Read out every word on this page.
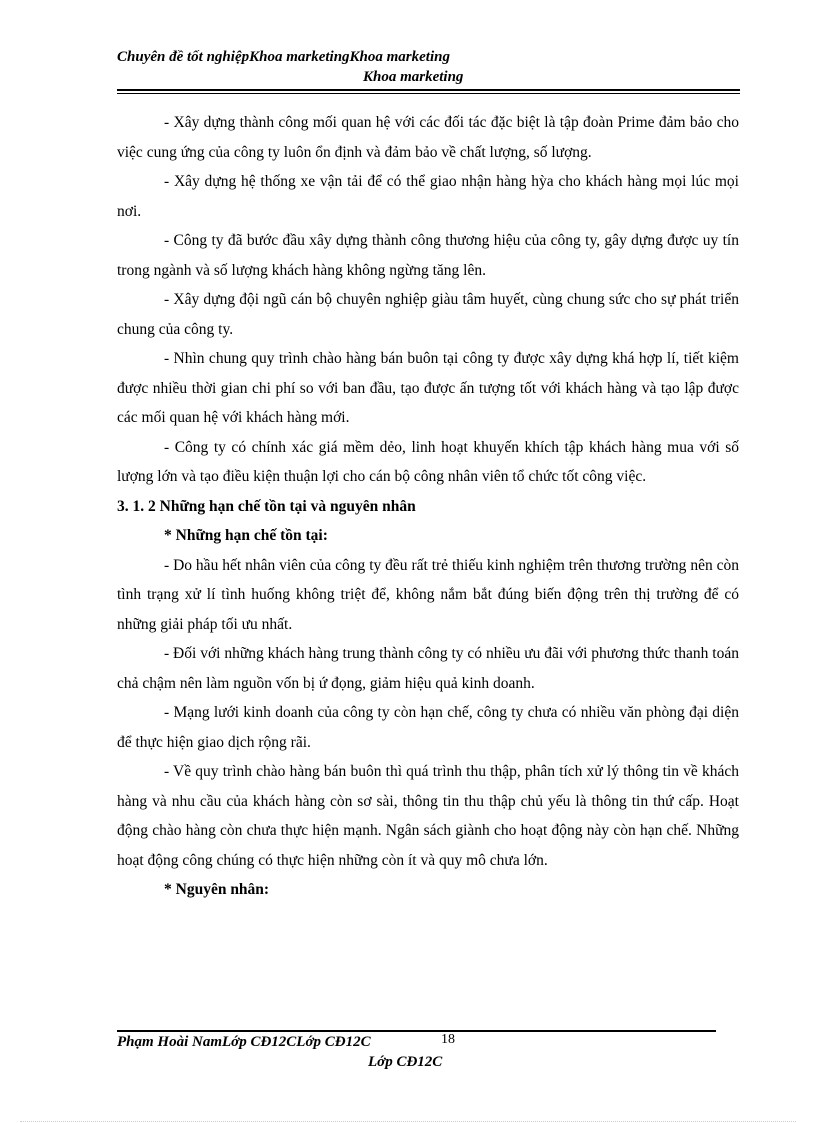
Chuyên đề tốt nghiệpKhoa marketingKhoa marketing
Khoa marketing

- Xây dựng thành công mối quan hệ với các đối tác đặc biệt là tập đoàn Prime đảm bảo cho việc cung ứng của công ty luôn ổn định và đảm bảo về chất lượng, số lượng.

- Xây dựng hệ thống xe vận tải để có thể giao nhận hàng hỳa cho khách hàng mọi lúc mọi nơi.

- Công ty đã bước đầu xây dựng thành công thương hiệu của công ty, gây dựng được uy tín trong ngành và số lượng khách hàng không ngừng tăng lên.

- Xây dựng đội ngũ cán bộ chuyên nghiệp giàu tâm huyết, cùng chung sức cho sự phát triển chung của công ty.

- Nhìn chung quy trình chào hàng bán buôn tại công ty được xây dựng khá hợp lí, tiết kiệm được nhiều thời gian chi phí so với ban đầu, tạo được ấn tượng tốt với khách hàng và tạo lập được các mối quan hệ với khách hàng mới.

- Công ty có chính xác giá mềm dẻo, linh hoạt khuyến khích tập khách hàng mua với số lượng lớn và tạo điều kiện thuận lợi cho cán bộ công nhân viên tổ chức tốt công việc.

3. 1. 2 Những hạn chế tồn tại và nguyên nhân

* Những hạn chế tồn tại:

- Do hầu hết nhân viên của công ty đều rất trẻ thiếu kinh nghiệm trên thương trường nên còn tình trạng xử lí tình huống không triệt để, không nắm bắt đúng biến động trên thị trường để có những giải pháp tối ưu nhất.

- Đối với những khách hàng trung thành công ty có nhiều ưu đãi với phương thức thanh toán chả chậm nên làm nguồn vốn bị ứ đọng, giảm hiệu quả kinh doanh.

- Mạng lưới kinh doanh của công ty còn hạn chế, công ty chưa có nhiều văn phòng đại diện để thực hiện giao dịch rộng rãi.

- Về quy trình chào hàng bán buôn thì quá trình thu thập, phân tích xử lý thông tin về khách hàng và nhu cầu của khách hàng còn sơ sài, thông tin thu thập chủ yếu là thông tin thứ cấp. Hoạt động chào hàng còn chưa thực hiện mạnh. Ngân sách giành cho hoạt động này còn hạn chế. Những hoạt động công chúng có thực hiện những còn ít và quy mô chưa lớn.

* Nguyên nhân:

Phạm Hoài NamLớp CĐ12CLớp CĐ12C	18
Lớp CĐ12C
